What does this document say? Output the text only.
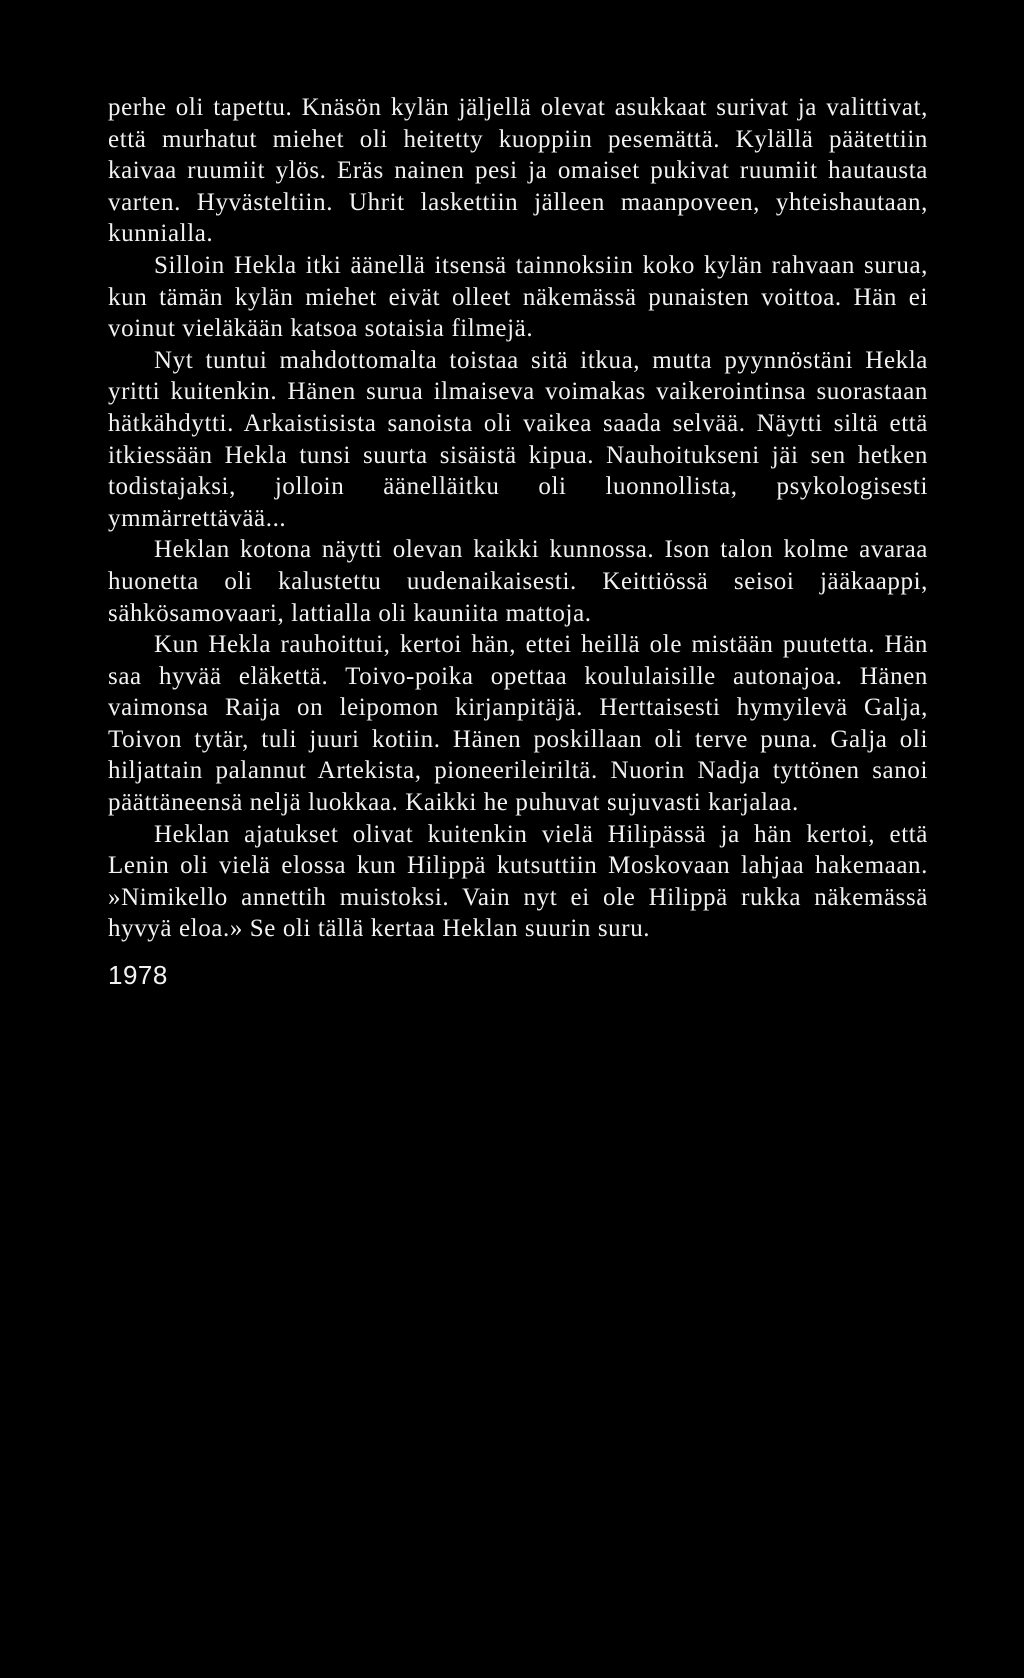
perhe oli tapettu. Knäsön kylän jäljellä olevat asukkaat surivat ja valittivat, että murhatut miehet oli heitetty kuoppiin pesemättä. Kylällä päätettiin kaivaa ruumiit ylös. Eräs nainen pesi ja omaiset pukivat ruumiit hautausta varten. Hyvästeltiin. Uhrit laskettiin jälleen maanpoveen, yhteishautaan, kunnialla.

Silloin Hekla itki äänellä itsensä tainnoksiin koko kylän rahvaan surua, kun tämän kylän miehet eivät olleet näkemässä punaisten voittoa. Hän ei voinut vieläkään katsoa sotaisia filmejä.

Nyt tuntui mahdottomalta toistaa sitä itkua, mutta pyynnöstäni Hekla yritti kuitenkin. Hänen surua ilmaiseva voimakas vaikerointinsa suorastaan hätkähdytti. Arkaistisista sanoista oli vaikea saada selvää. Näytti siltä että itkiessään Hekla tunsi suurta sisäistä kipua. Nauhoitukseni jäi sen hetken todistajaksi, jolloin äänelläitku oli luonnollista, psykologisesti ymmärrettävää...

Heklan kotona näytti olevan kaikki kunnossa. Ison talon kolme avaraa huonetta oli kalustettu uudenaikaisesti. Keittiössä seisoi jääkaappi, sähkösamovaari, lattialla oli kauniita mattoja.

Kun Hekla rauhoittui, kertoi hän, ettei heillä ole mistään puutetta. Hän saa hyvää eläkettä. Toivo-poika opettaa koululaisille autonajoa. Hänen vaimonsa Raija on leipomon kirjanpitäjä. Herttaisesti hymyilevä Galja, Toivon tytär, tuli juuri kotiin. Hänen poskillaan oli terve puna. Galja oli hiljattain palannut Artekista, pioneerileiriltä. Nuorin Nadja tyttönen sanoi päättäneensä neljä luokkaa. Kaikki he puhuvat sujuvasti karjalaa.

Heklan ajatukset olivat kuitenkin vielä Hilipässä ja hän kertoi, että Lenin oli vielä elossa kun Hilippä kutsuttiin Moskovaan lahjaa hakemaan. »Nimikello annettih muistoksi. Vain nyt ei ole Hilippä rukka näkemässä hyvyä eloa.» Se oli tällä kertaa Heklan suurin suru.

1978
